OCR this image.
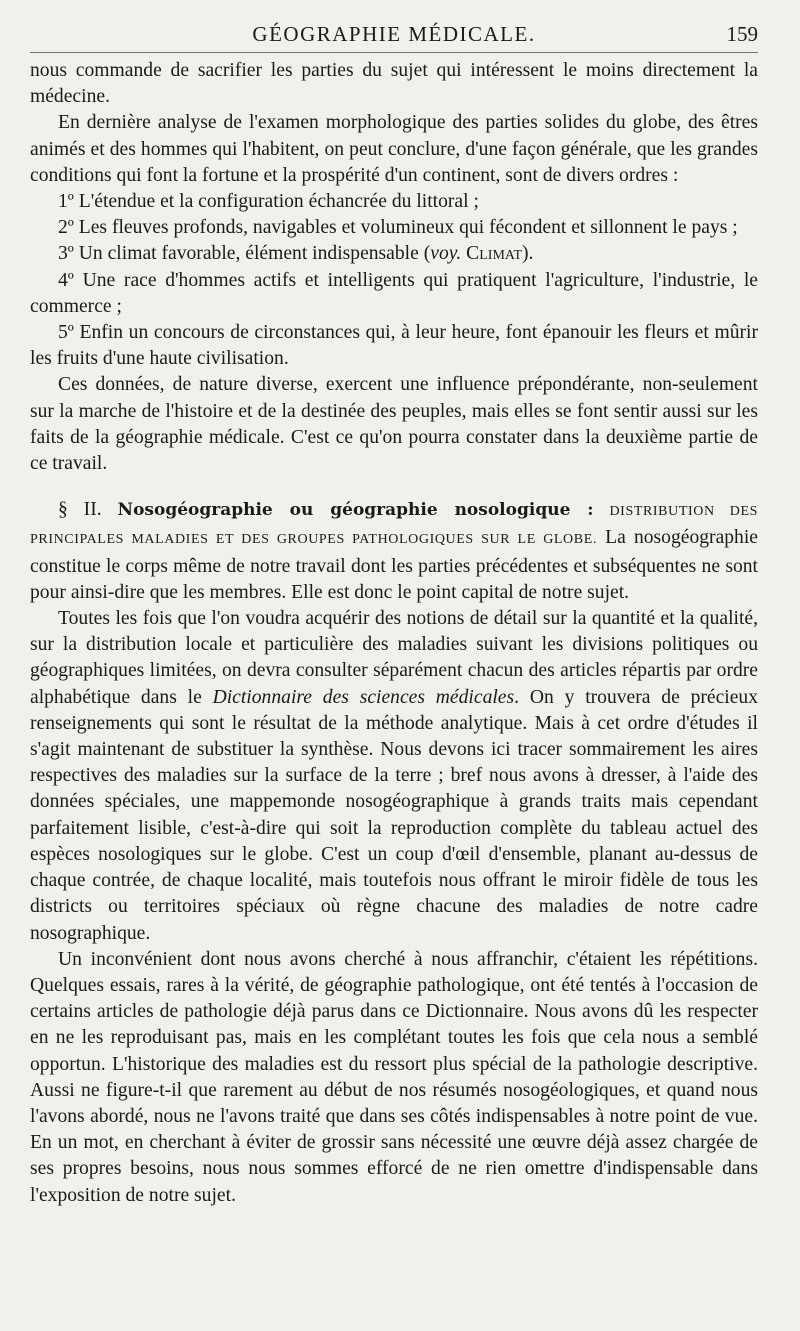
GÉOGRAPHIE MÉDICALE.	159

nous commande de sacrifier les parties du sujet qui intéressent le moins directement la médecine.

En dernière analyse de l'examen morphologique des parties solides du globe, des êtres animés et des hommes qui l'habitent, on peut conclure, d'une façon générale, que les grandes conditions qui font la fortune et la prospérité d'un continent, sont de divers ordres :

1º L'étendue et la configuration échancrée du littoral ;

2º Les fleuves profonds, navigables et volumineux qui fécondent et sillonnent le pays ;

3º Un climat favorable, élément indispensable (voy. Climat).

4º Une race d'hommes actifs et intelligents qui pratiquent l'agriculture, l'industrie, le commerce ;

5º Enfin un concours de circonstances qui, à leur heure, font épanouir les fleurs et mûrir les fruits d'une haute civilisation.

Ces données, de nature diverse, exercent une influence prépondérante, non-seulement sur la marche de l'histoire et de la destinée des peuples, mais elles se font sentir aussi sur les faits de la géographie médicale. C'est ce qu'on pourra constater dans la deuxième partie de ce travail.

§ II. Nosogéographie ou géographie nosologique : DISTRIBUTION DES PRINCIPALES MALADIES ET DES GROUPES PATHOLOGIQUES SUR LE GLOBE. La nosogéographie constitue le corps même de notre travail dont les parties précédentes et subséquentes ne sont pour ainsi-dire que les membres. Elle est donc le point capital de notre sujet.

Toutes les fois que l'on voudra acquérir des notions de détail sur la quantité et la qualité, sur la distribution locale et particulière des maladies suivant les divisions politiques ou géographiques limitées, on devra consulter séparément chacun des articles répartis par ordre alphabétique dans le Dictionnaire des sciences médicales. On y trouvera de précieux renseignements qui sont le résultat de la méthode analytique. Mais à cet ordre d'études il s'agit maintenant de substituer la synthèse. Nous devons ici tracer sommairement les aires respectives des maladies sur la surface de la terre ; bref nous avons à dresser, à l'aide des données spéciales, une mappemonde nosogéographique à grands traits mais cependant parfaitement lisible, c'est-à-dire qui soit la reproduction complète du tableau actuel des espèces nosologiques sur le globe. C'est un coup d'œil d'ensemble, planant au-dessus de chaque contrée, de chaque localité, mais toutefois nous offrant le miroir fidèle de tous les districts ou territoires spéciaux où règne chacune des maladies de notre cadre nosographique.

Un inconvénient dont nous avons cherché à nous affranchir, c'étaient les répétitions. Quelques essais, rares à la vérité, de géographie pathologique, ont été tentés à l'occasion de certains articles de pathologie déjà parus dans ce Dictionnaire. Nous avons dû les respecter en ne les reproduisant pas, mais en les complétant toutes les fois que cela nous a semblé opportun. L'historique des maladies est du ressort plus spécial de la pathologie descriptive. Aussi ne figure-t-il que rarement au début de nos résumés nosogéologiques, et quand nous l'avons abordé, nous ne l'avons traité que dans ses côtés indispensables à notre point de vue. En un mot, en cherchant à éviter de grossir sans nécessité une œuvre déjà assez chargée de ses propres besoins, nous nous sommes efforcé de ne rien omettre d'indispensable dans l'exposition de notre sujet.
